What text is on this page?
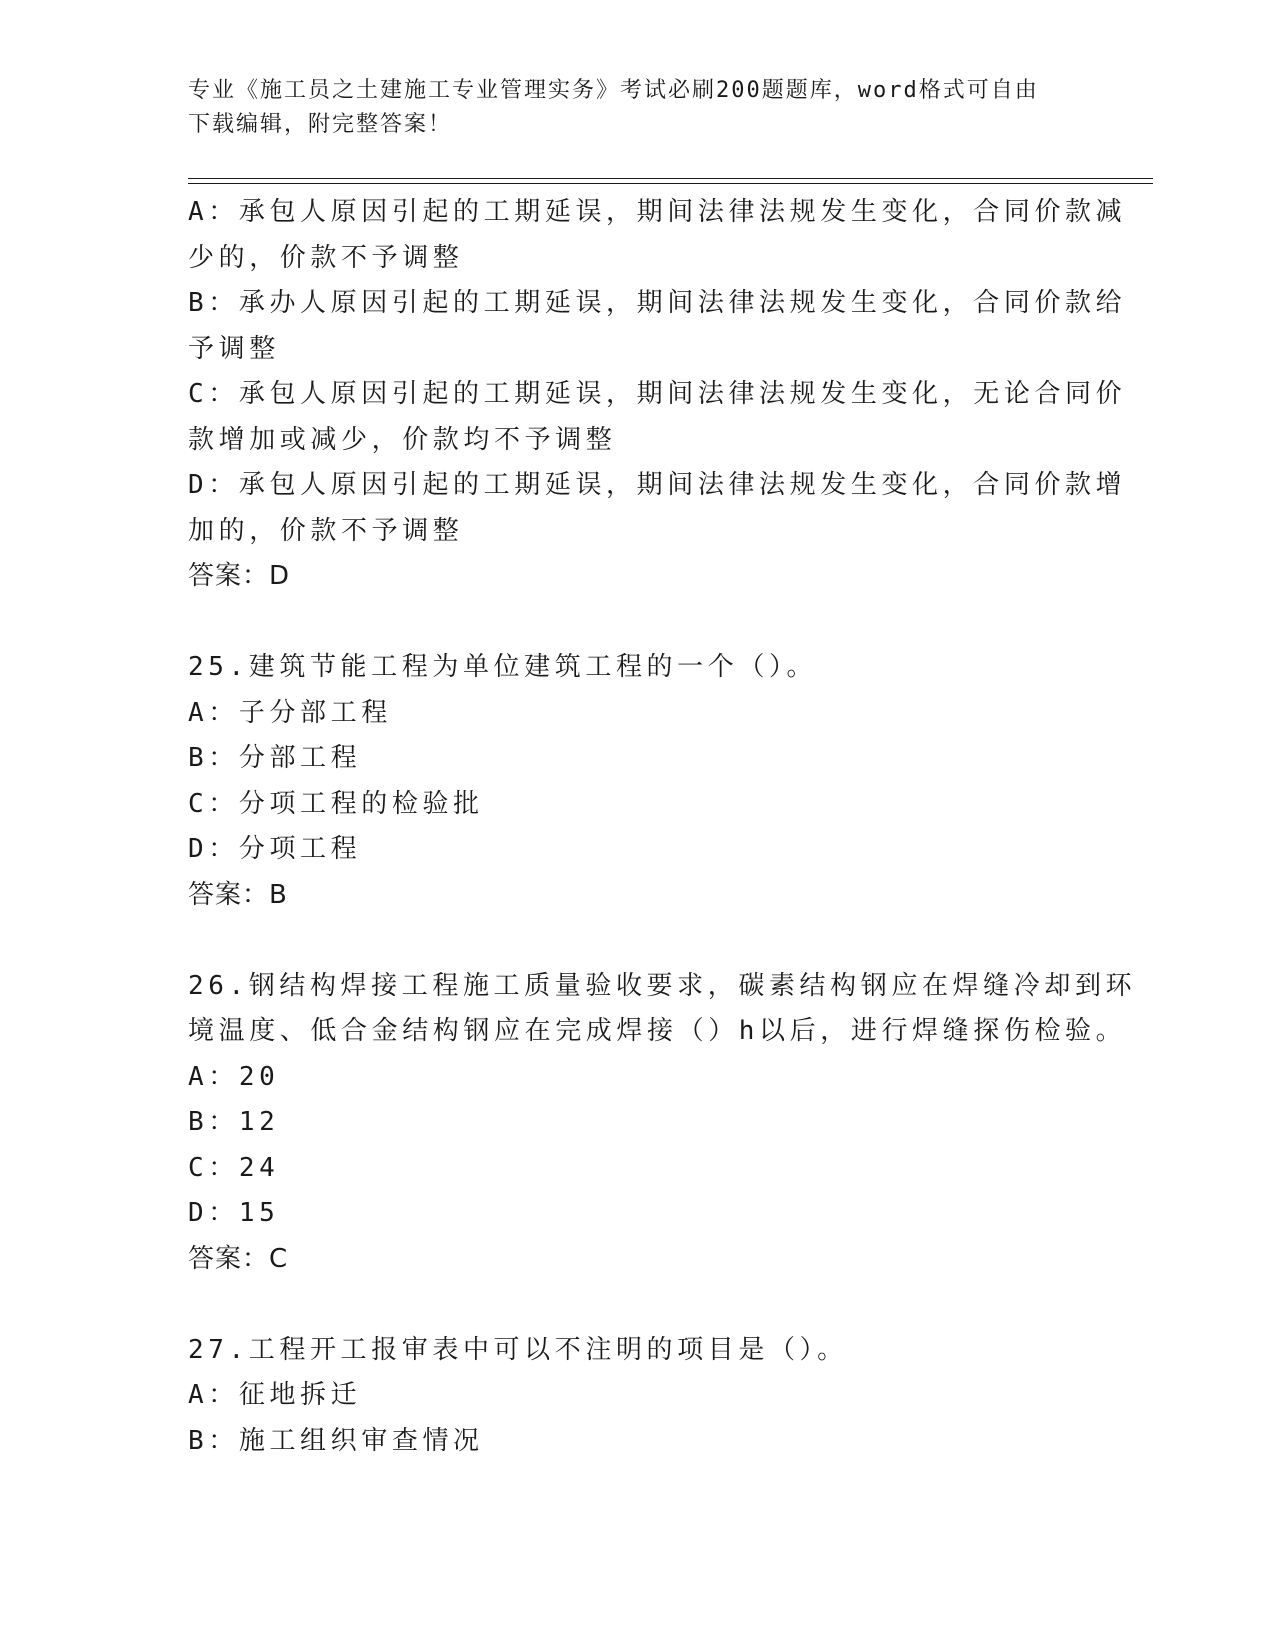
专业《施工员之土建施工专业管理实务》考试必刷200题题库，word格式可自由
下载编辑，附完整答案！
A：承包人原因引起的工期延误，期间法律法规发生变化，合同价款减
少的，价款不予调整
B：承办人原因引起的工期延误，期间法律法规发生变化，合同价款给
予调整
C：承包人原因引起的工期延误，期间法律法规发生变化，无论合同价
款增加或减少，价款均不予调整
D：承包人原因引起的工期延误，期间法律法规发生变化，合同价款增
加的，价款不予调整
答案：D
25.建筑节能工程为单位建筑工程的一个（）。
A：子分部工程
B：分部工程
C：分项工程的检验批
D：分项工程
答案：B
26.钢结构焊接工程施工质量验收要求，碳素结构钢应在焊缝冷却到环
境温度、低合金结构钢应在完成焊接（）h以后，进行焊缝探伤检验。
A：20
B：12
C：24
D：15
答案：C
27.工程开工报审表中可以不注明的项目是（）。
A：征地拆迁
B：施工组织审查情况
